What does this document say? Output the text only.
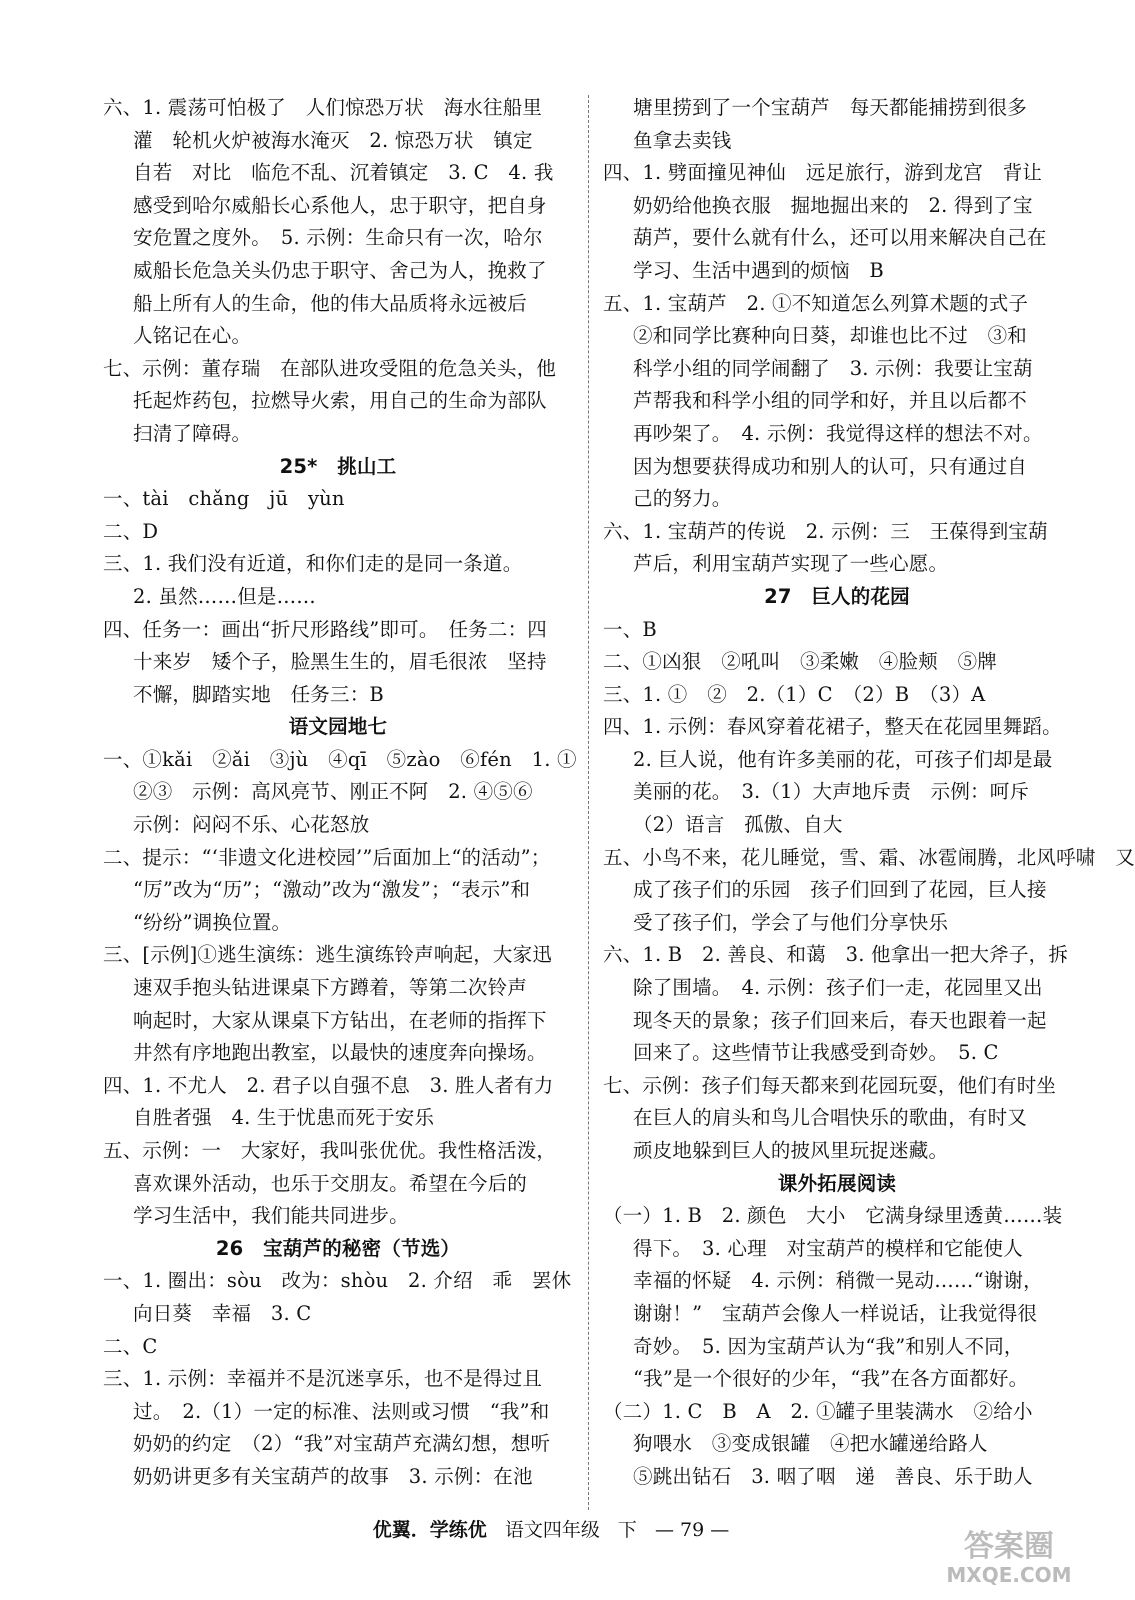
六、1. 震荡可怕极了　人们惊恐万状　海水往船里
灌　轮机火炉被海水淹灭　2. 惊恐万状　镇定
自若　对比　临危不乱、沉着镇定　3. C　4. 我
感受到哈尔威船长心系他人，忠于职守，把自身
安危置之度外。　5. 示例：生命只有一次，哈尔
威船长危急关头仍忠于职守、舍己为人，挽救了
船上所有人的生命，他的伟大品质将永远被后
人铭记在心。
七、示例：董存瑞　在部队进攻受阻的危急关头，他
托起炸药包，拉燃导火索，用自己的生命为部队
扫清了障碍。
25*　挑山工
一、tài　chǎng　jū　yùn
二、D
三、1. 我们没有近道，和你们走的是同一条道。
2. 虽然……但是……
四、任务一：画出“折尺形路线”即可。　任务二：四
十来岁　矮个子，脸黑生生的，眉毛很浓　坚持
不懈，脚踏实地　任务三：B
语文园地七
一、①kǎi　②ǎi　③jù　④qī　⑤zào　⑥fén　1. ①
②③　示例：高风亮节、刚正不阿　2. ④⑤⑥
示例：闷闷不乐、心花怒放
二、提示：“‘非遗文化进校园’”后面加上“的活动”；
“厉”改为“历”；“激动”改为“激发”；“表示”和
“纷纷”调换位置。
三、[示例]①逃生演练：逃生演练铃声响起，大家迅
速双手抱头钻进课桌下方蹲着，等第二次铃声
响起时，大家从课桌下方钻出，在老师的指挥下
井然有序地跑出教室，以最快的速度奔向操场。
四、1. 不尤人　2. 君子以自强不息　3. 胜人者有力
自胜者强　4. 生于忧患而死于安乐
五、示例：一　大家好，我叫张优优。我性格活泼，
喜欢课外活动，也乐于交朋友。希望在今后的
学习生活中，我们能共同进步。
26　宝葫芦的秘密（节选）
一、1. 圈出：sòu　改为：shòu　2. 介绍　乖　罢休
向日葵　幸福　3. C
二、C
三、1. 示例：幸福并不是沉迷享乐，也不是得过且
过。　2.（1）一定的标准、法则或习惯　“我”和
奶奶的约定　（2）“我”对宝葫芦充满幻想，想听
奶奶讲更多有关宝葫芦的故事　3. 示例：在池
塘里捞到了一个宝葫芦　每天都能捕捞到很多
鱼拿去卖钱
四、1. 劈面撞见神仙　远足旅行，游到龙宫　背让
奶奶给他换衣服　掘地掘出来的　2. 得到了宝
葫芦，要什么就有什么，还可以用来解决自己在
学习、生活中遇到的烦恼　B
五、1. 宝葫芦　2. ①不知道怎么列算术题的式子
②和同学比赛种向日葵，却谁也比不过　③和
科学小组的同学闹翻了　3. 示例：我要让宝葫
芦帮我和科学小组的同学和好，并且以后都不
再吵架了。　4. 示例：我觉得这样的想法不对。
因为想要获得成功和别人的认可，只有通过自
己的努力。
六、1. 宝葫芦的传说　2. 示例：三　王葆得到宝葫
芦后，利用宝葫芦实现了一些心愿。
27　巨人的花园
一、B
二、①凶狠　②吼叫　③柔嫩　④脸颊　⑤牌
三、1. ①　②　2.（1）C　（2）B　（3）A
四、1. 示例：春风穿着花裙子，整天在花园里舞蹈。
2. 巨人说，他有许多美丽的花，可孩子们却是最
美丽的花。　3.（1）大声地斥责　示例：呵斥
（2）语言　孤傲、自大
五、小鸟不来，花儿睡觉，雪、霜、冰雹闹腾，北风呼啸　又
成了孩子们的乐园　孩子们回到了花园，巨人接
受了孩子们，学会了与他们分享快乐
六、1. B　2. 善良、和蔼　3. 他拿出一把大斧子，拆
除了围墙。　4. 示例：孩子们一走，花园里又出
现冬天的景象；孩子们回来后，春天也跟着一起
回来了。这些情节让我感受到奇妙。　5. C
七、示例：孩子们每天都来到花园玩耍，他们有时坐
在巨人的肩头和鸟儿合唱快乐的歌曲，有时又
顽皮地躲到巨人的披风里玩捉迷藏。
课外拓展阅读
（一）1. B　2. 颜色　大小　它满身绿里透黄……装
得下。　3. 心理　对宝葫芦的模样和它能使人
幸福的怀疑　4. 示例：稍微一晃动……“谢谢，
谢谢！”　宝葫芦会像人一样说话，让我觉得很
奇妙。　5. 因为宝葫芦认为“我”和别人不同，
“我”是一个很好的少年，“我”在各方面都好。
（二）1. C　B　A　2. ①罐子里装满水　②给小
狗喂水　③变成银罐　④把水罐递给路人
⑤跳出钻石　3. 咽了咽　递　善良、乐于助人
优翼．学练优 语文四年级 下 — 79 —	答案圈
MXQE.COM
